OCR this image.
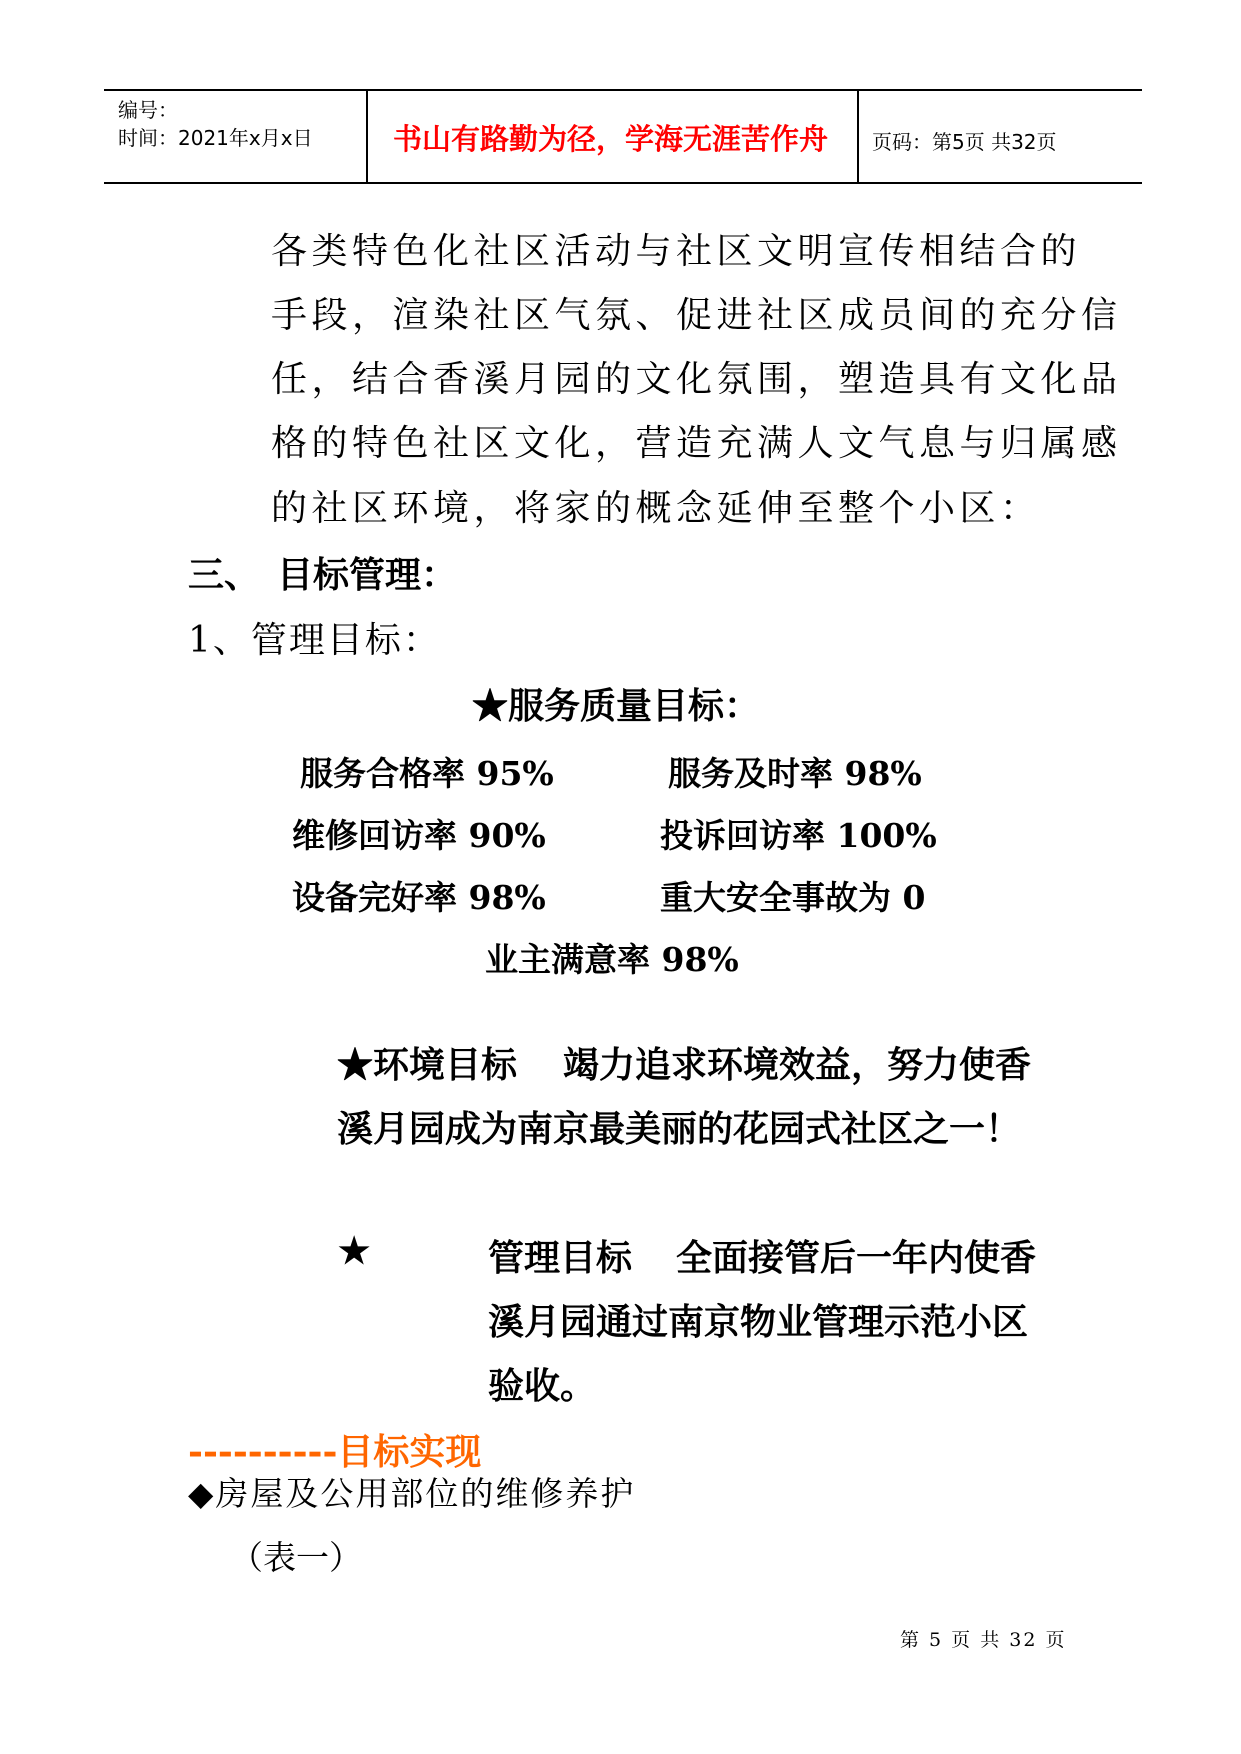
编号：
时间：2021年x月x日	书山有路勤为径，学海无涯苦作舟 页码：第5页 共32页
各类特色化社区活动与社区文明宣传相结合的
手段，渲染社区气氛、促进社区成员间的充分信
任，结合香溪月园的文化氛围，塑造具有文化品
格的特色社区文化，营造充满人文气息与归属感
的社区环境，将家的概念延伸至整个小区：
三、 目标管理：
1、管理目标：
★服务质量目标：
服务合格率 95%	服务及时率 98%
维修回访率 90%	投诉回访率 100%
设备完好率 98%	重大安全事故为 0
业主满意率 98%
★环境目标 竭力追求环境效益，努力使香
溪月园成为南京最美丽的花园式社区之一！
★	管理目标 全面接管后一年内使香
溪月园通过南京物业管理示范小区
验收。
----------目标实现
◆房屋及公用部位的维修养护
（表一）
第 5 页 共 32 页
